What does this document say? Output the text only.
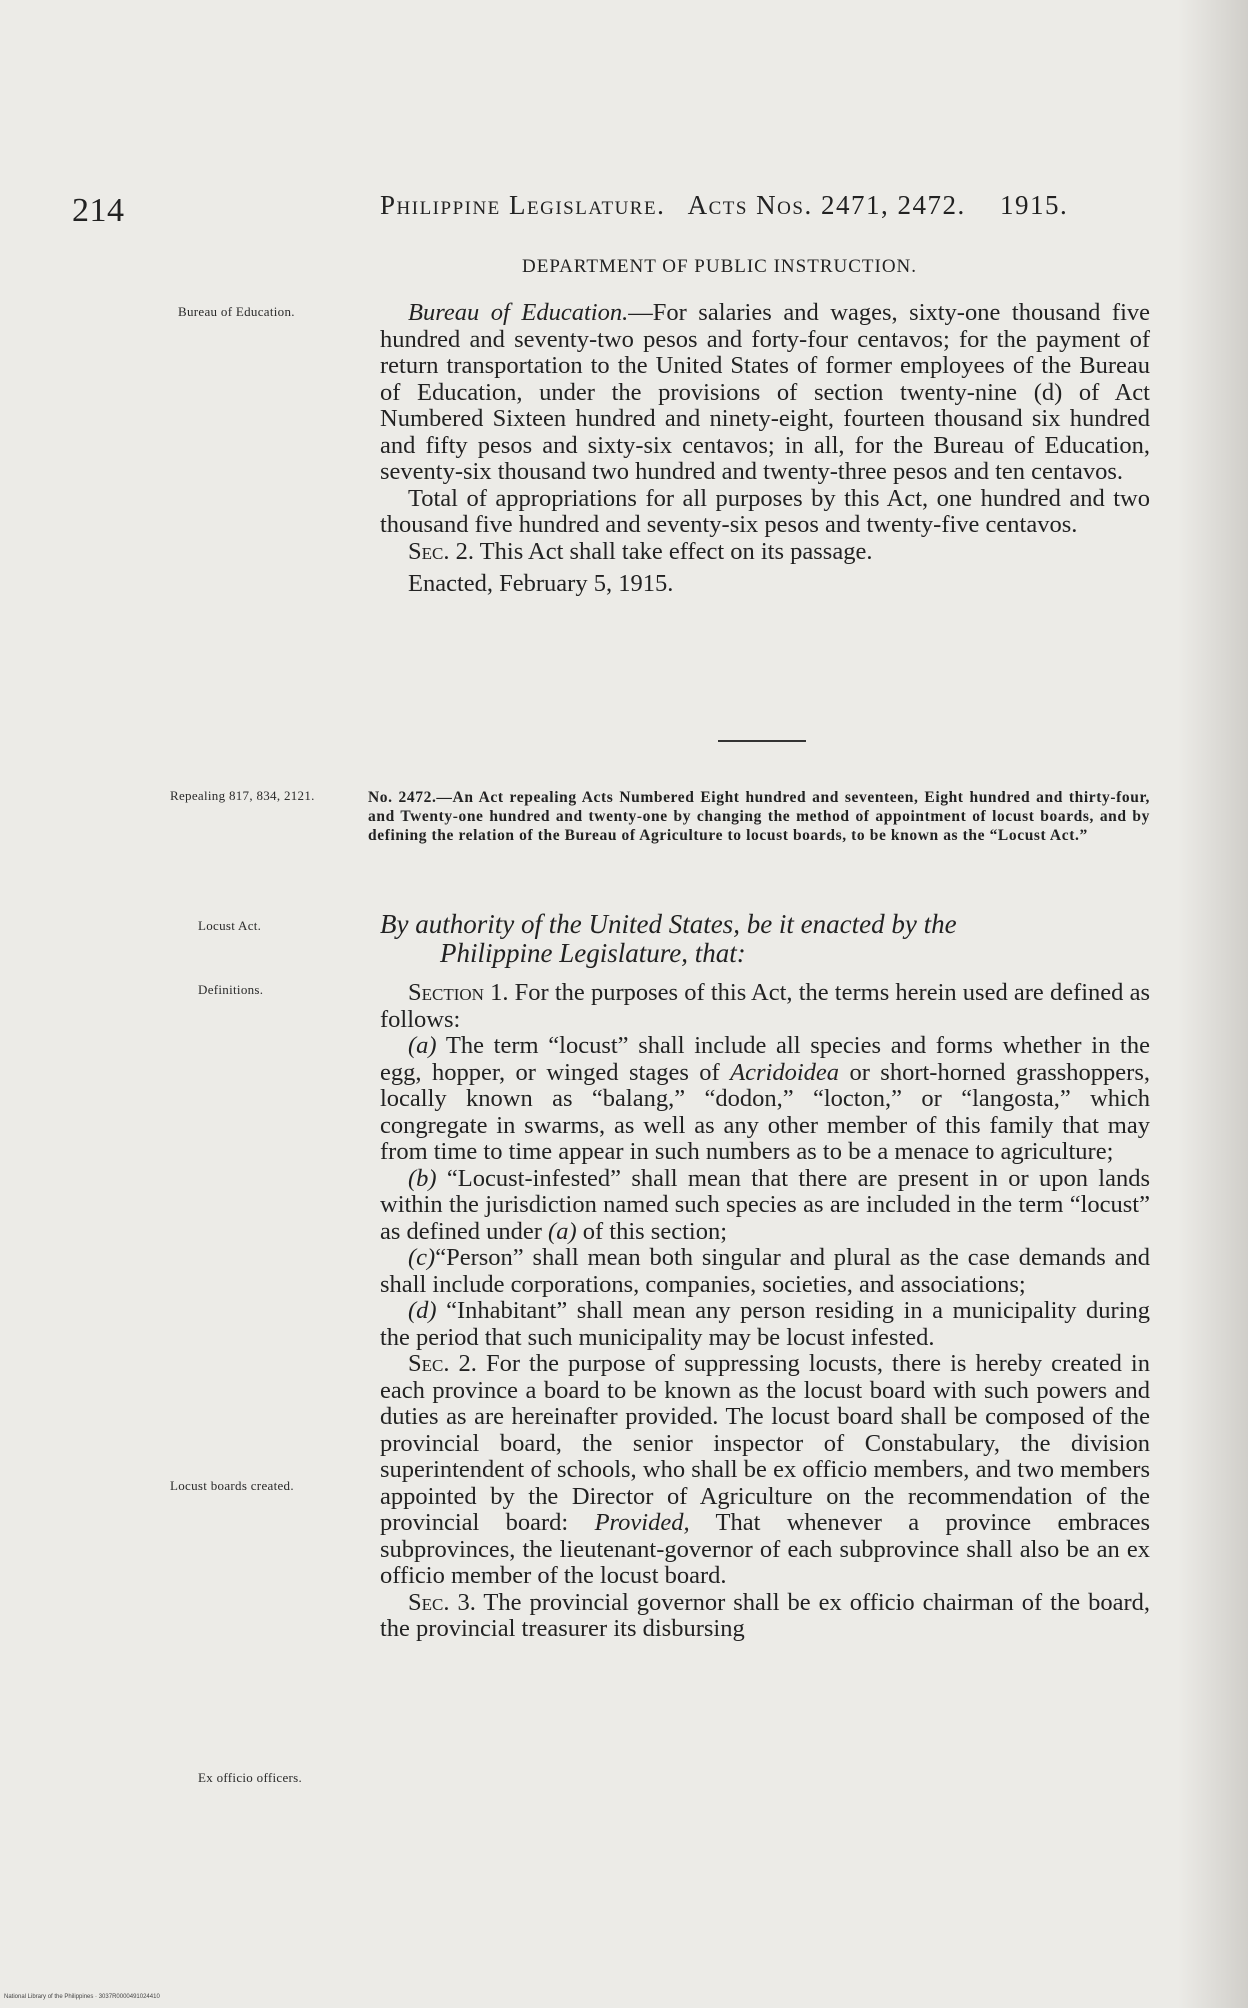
214	Philippine Legislature. Acts Nos. 2471, 2472. 1915.
DEPARTMENT OF PUBLIC INSTRUCTION.
Bureau of Education.	Bureau of Education.—For salaries and wages, sixty-one thousand five hundred and seventy-two pesos and forty-four centavos; for the payment of return transportation to the United States of former employees of the Bureau of Education, under the provisions of section twenty-nine (d) of Act Numbered Sixteen hundred and ninety-eight, fourteen thousand six hundred and fifty pesos and sixty-six centavos; in all, for the Bureau of Education, seventy-six thousand two hundred and twenty-three pesos and ten centavos.

Total of appropriations for all purposes by this Act, one hundred and two thousand five hundred and seventy-six pesos and twenty-five centavos.

Sec. 2. This Act shall take effect on its passage.

Enacted, February 5, 1915.

Repealing 817, 834, 2121.	No. 2472.—An Act repealing Acts Numbered Eight hundred and seventeen, Eight hundred and thirty-four, and Twenty-one hundred and twenty-one by changing the method of appointment of locust boards, and by defining the relation of the Bureau of Agriculture to locust boards, to be known as the “Locust Act.”
Locust Act.	By authority of the United States, be it enacted by the
Philippine Legislature, that:
Definitions.	Section 1. For the purposes of this Act, the terms herein used are defined as follows:

(a) The term “locust” shall include all species and forms whether in the egg, hopper, or winged stages of Acridoidea or short-horned grasshoppers, locally known as “balang,” “dodon,” “locton,” or “langosta,” which congregate in swarms, as well as any other member of this family that may from time to time appear in such numbers as to be a menace to agriculture;

(b) “Locust-infested” shall mean that there are present in or upon lands within the jurisdiction named such species as are included in the term “locust” as defined under (a) of this section;

(c)“Person” shall mean both singular and plural as the case demands and shall include corporations, companies, societies, and associations;

(d) “Inhabitant” shall mean any person residing in a municipality during the period that such municipality may be locust infested.

Sec. 2. For the purpose of suppressing locusts, there is hereby created in each province a board to be known as the locust board with such powers and duties as are hereinafter provided. The locust board shall be composed of the provincial board, the senior inspector of Constabulary, the division superintendent of schools, who shall be ex officio members, and two members appointed by the Director of Agriculture on the recommendation of the provincial board: Provided, That whenever a province embraces subprovinces, the lieutenant-governor of each subprovince shall also be an ex officio member of the locust board.

Sec. 3. The provincial governor shall be ex officio chairman of the board, the provincial treasurer its disbursing

Locust boards created.
Ex officio officers.
National Library of the Philippines · 3037R0000491024410
